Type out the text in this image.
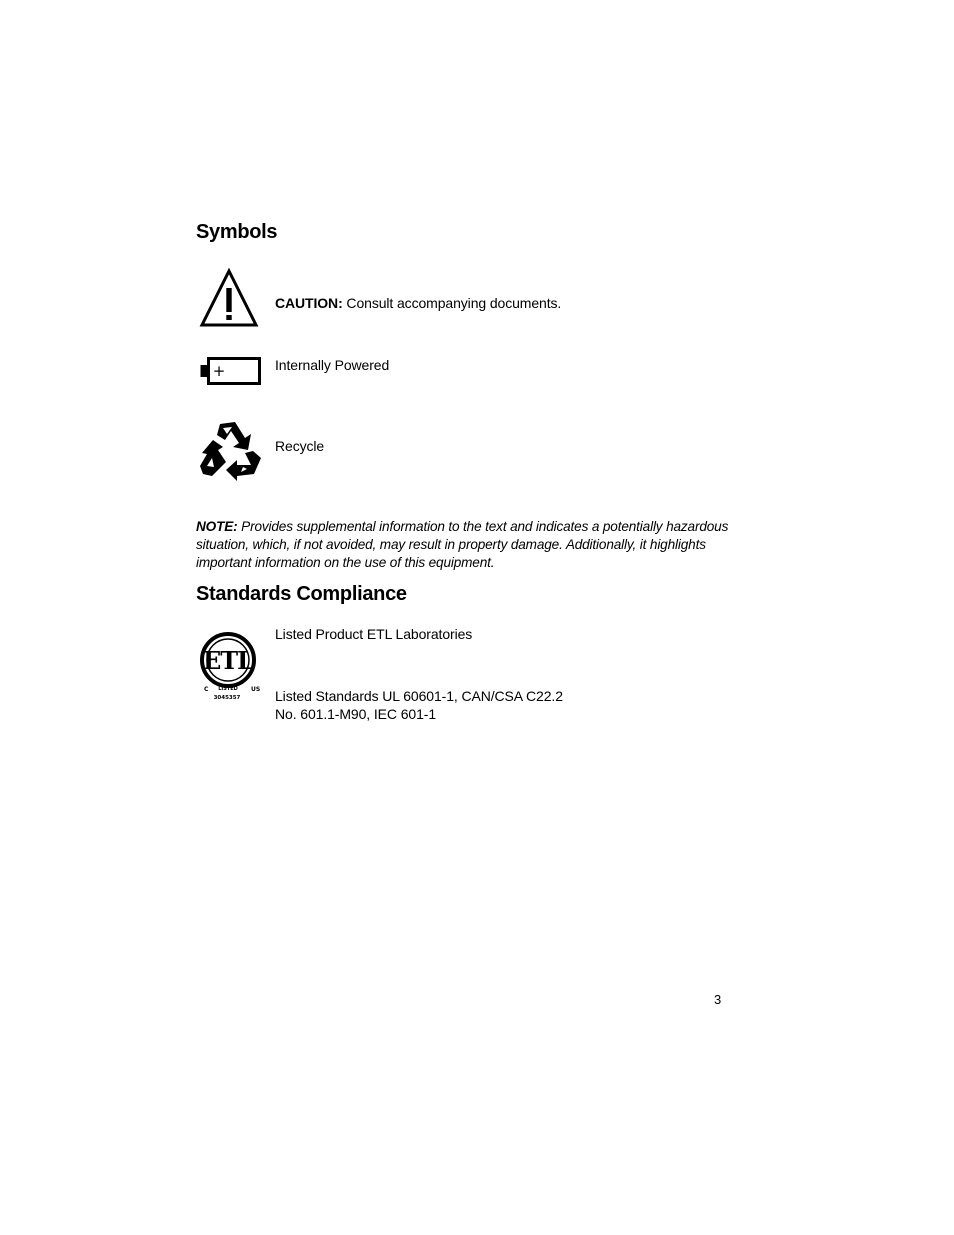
Symbols
CAUTION: Consult accompanying documents.
+	Internally Powered
Recycle
NOTE: Provides supplemental information to the text and indicates a potentially hazardous situation, which, if not avoided, may result in property damage. Additionally, it highlights important information on the use of this equipment.
Standards Compliance
ETL
C LISTED US
3045357
Listed Product ETL Laboratories
Listed Standards UL 60601-1, CAN/CSA C22.2
No. 601.1-M90, IEC 601-1
3
